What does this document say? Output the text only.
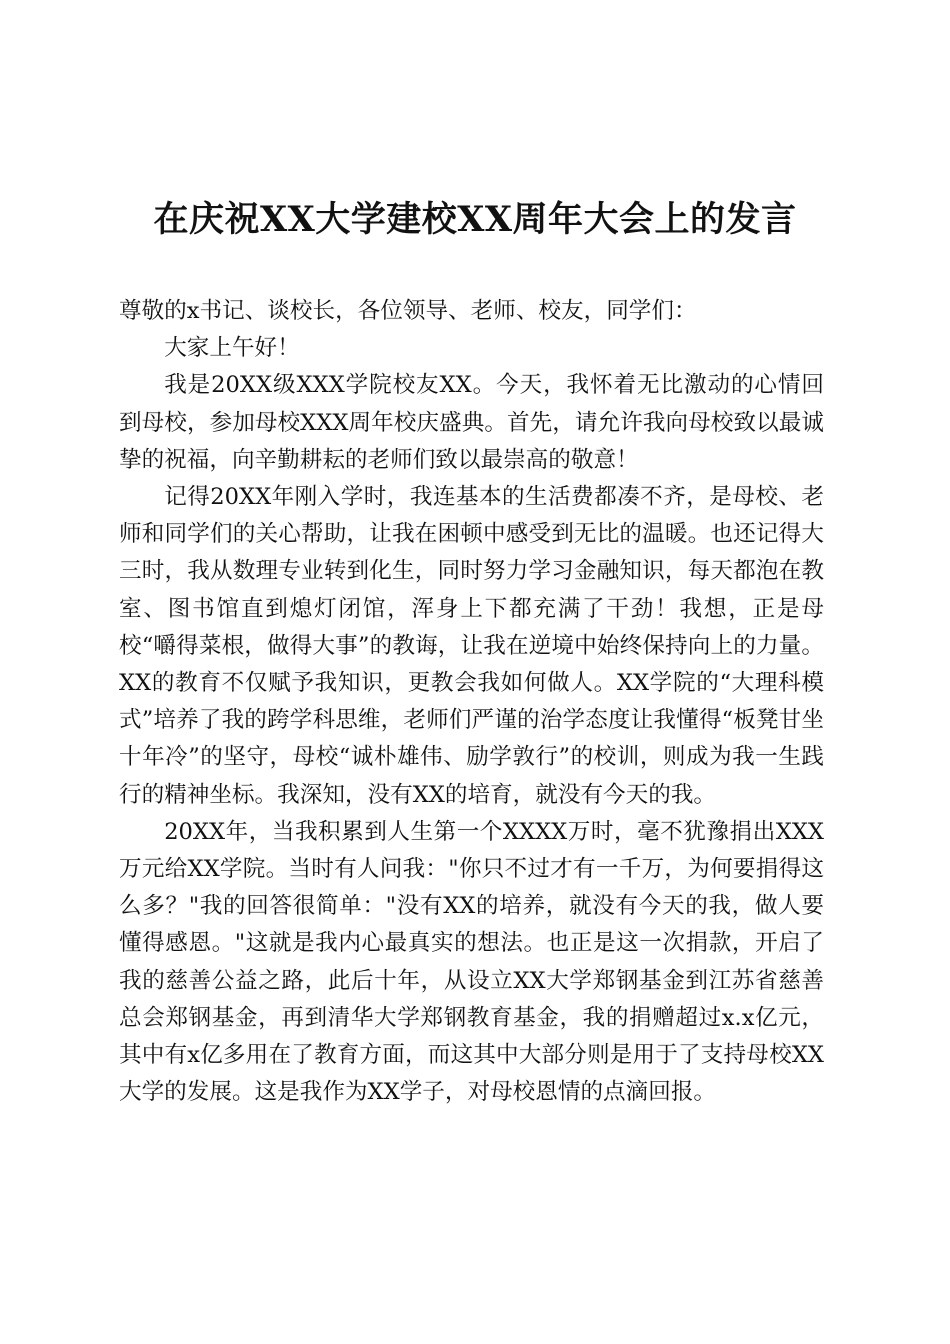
在庆祝XX大学建校XX周年大会上的发言

尊敬的x书记、谈校长，各位领导、老师、校友，同学们：

大家上午好！

我是20XX级XXX学院校友XX。今天，我怀着无比激动的心情回到母校，参加母校XXX周年校庆盛典。首先，请允许我向母校致以最诚挚的祝福，向辛勤耕耘的老师们致以最崇高的敬意！

记得20XX年刚入学时，我连基本的生活费都凑不齐，是母校、老师和同学们的关心帮助，让我在困顿中感受到无比的温暖。也还记得大三时，我从数理专业转到化生，同时努力学习金融知识，每天都泡在教室、图书馆直到熄灯闭馆，浑身上下都充满了干劲！我想，正是母校“嚼得菜根，做得大事”的教诲，让我在逆境中始终保持向上的力量。XX的教育不仅赋予我知识，更教会我如何做人。XX学院的“大理科模式”培养了我的跨学科思维，老师们严谨的治学态度让我懂得“板凳甘坐十年冷”的坚守，母校“诚朴雄伟、励学敦行”的校训，则成为我一生践行的精神坐标。我深知，没有XX的培育，就没有今天的我。

20XX年，当我积累到人生第一个XXXX万时，毫不犹豫捐出XXX万元给XX学院。当时有人问我："你只不过才有一千万，为何要捐得这么多？"我的回答很简单："没有XX的培养，就没有今天的我，做人要懂得感恩。"这就是我内心最真实的想法。也正是这一次捐款，开启了我的慈善公益之路，此后十年，从设立XX大学郑钢基金到江苏省慈善总会郑钢基金，再到清华大学郑钢教育基金，我的捐赠超过x.x亿元，其中有x亿多用在了教育方面，而这其中大部分则是用于了支持母校XX大学的发展。这是我作为XX学子，对母校恩情的点滴回报。
